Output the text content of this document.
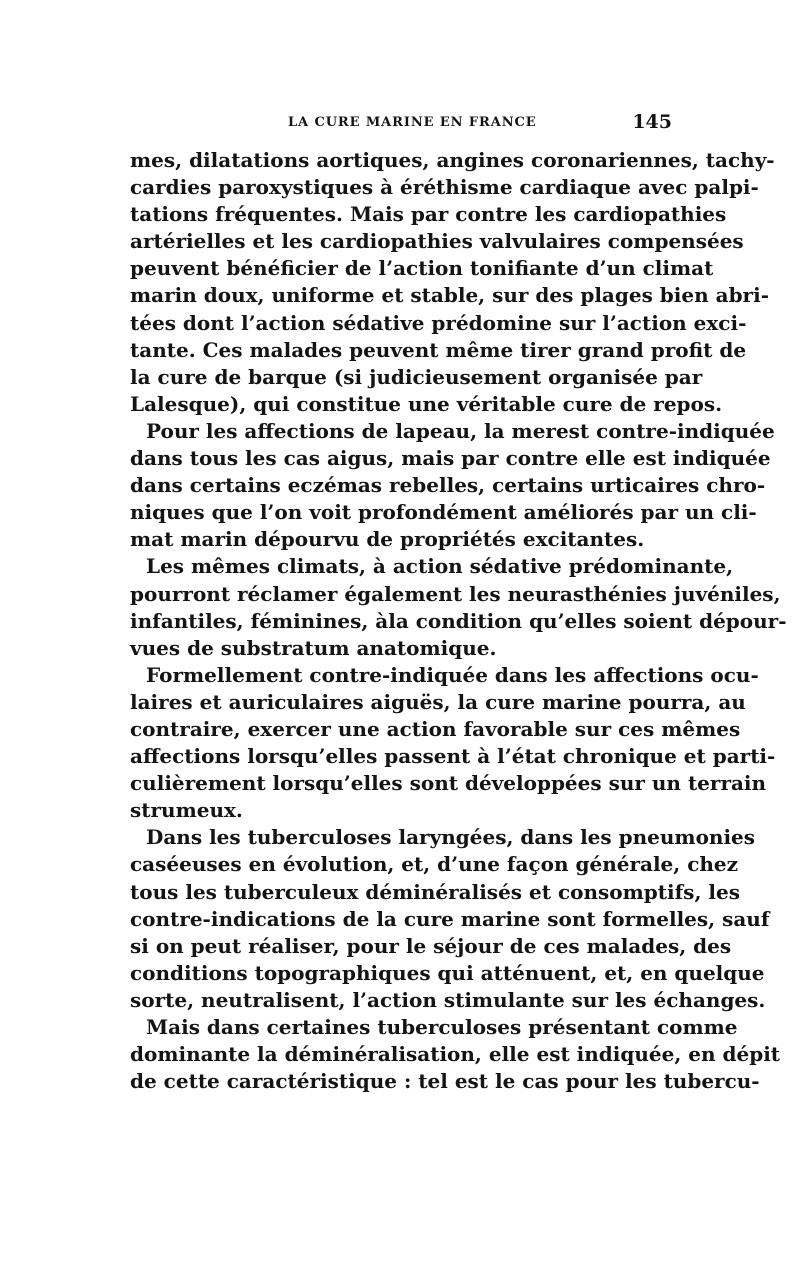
LA CURE MARINE EN FRANCE	145
mes, dilatations aortiques, angines coronariennes, tachy-
cardies paroxystiques à éréthisme cardiaque avec palpi-
tations fréquentes. Mais par contre les cardiopathies
artérielles et les cardiopathies valvulaires compensées
peuvent bénéficier de l’action tonifiante d’un climat
marin doux, uniforme et stable, sur des plages bien abri-
tées dont l’action sédative prédomine sur l’action exci-
tante. Ces malades peuvent même tirer grand profit de
la cure de barque (si judicieusement organisée par
Lalesque), qui constitue une véritable cure de repos.
Pour les affections de lapeau, la merest contre-indiquée
dans tous les cas aigus, mais par contre elle est indiquée
dans certains eczémas rebelles, certains urticaires chro-
niques que l’on voit profondément améliorés par un cli-
mat marin dépourvu de propriétés excitantes.
Les mêmes climats, à action sédative prédominante,
pourront réclamer également les neurasthénies juvéniles,
infantiles, féminines, àla condition qu’elles soient dépour-
vues de substratum anatomique.
Formellement contre-indiquée dans les affections ocu-
laires et auriculaires aiguës, la cure marine pourra, au
contraire, exercer une action favorable sur ces mêmes
affections lorsqu’elles passent à l’état chronique et parti-
culièrement lorsqu’elles sont développées sur un terrain
strumeux.
Dans les tuberculoses laryngées, dans les pneumonies
caséeuses en évolution, et, d’une façon générale, chez
tous les tuberculeux déminéralisés et consomptifs, les
contre-indications de la cure marine sont formelles, sauf
si on peut réaliser, pour le séjour de ces malades, des
conditions topographiques qui atténuent, et, en quelque
sorte, neutralisent, l’action stimulante sur les échanges.
Mais dans certaines tuberculoses présentant comme
dominante la déminéralisation, elle est indiquée, en dépit
de cette caractéristique : tel est le cas pour les tubercu-
